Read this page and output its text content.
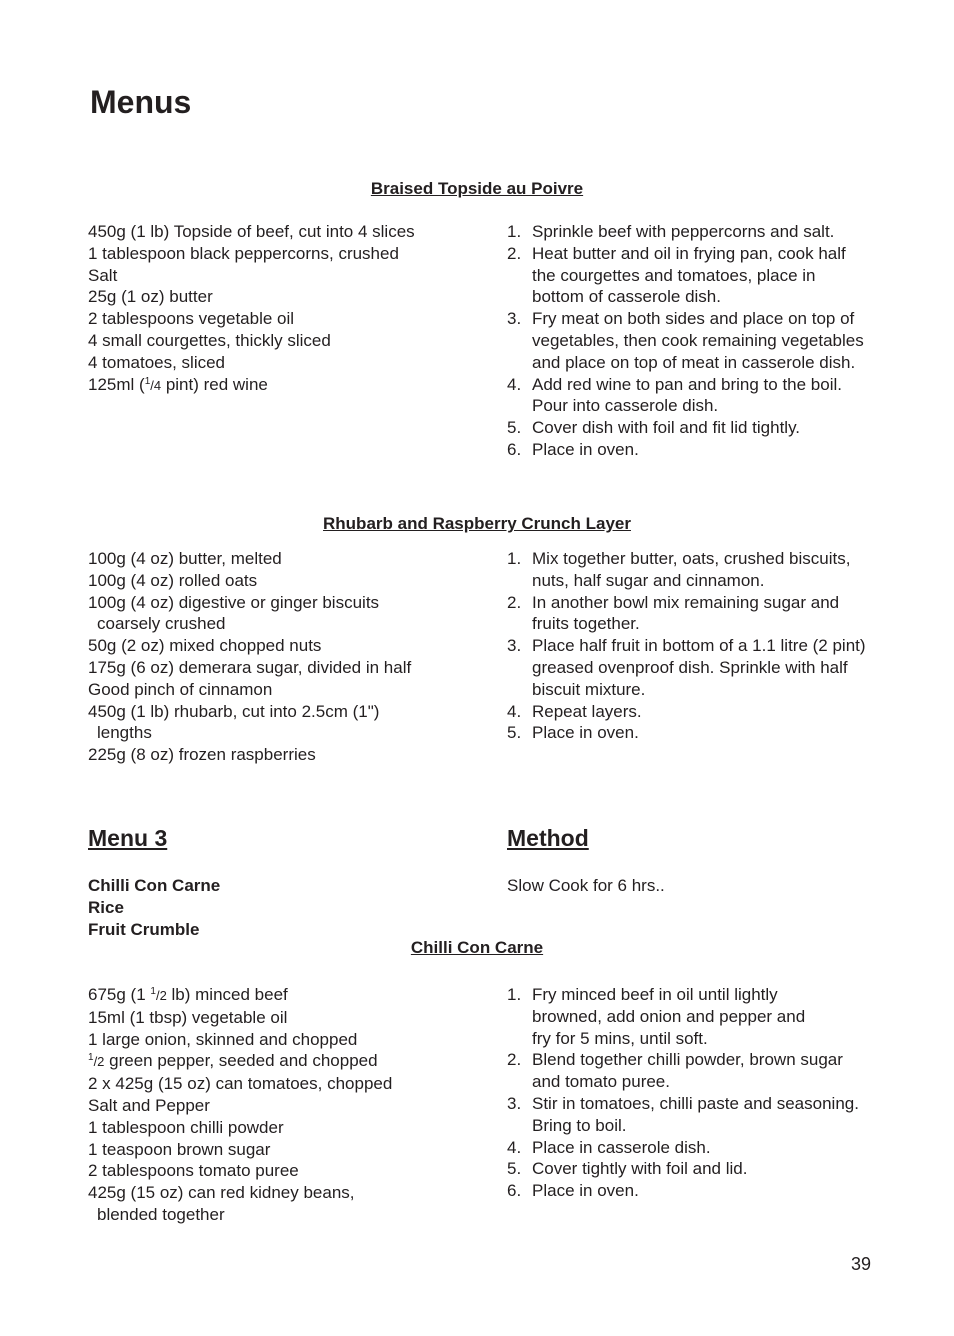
Menus
Braised Topside au Poivre
450g (1 lb) Topside of beef, cut into 4 slices
1 tablespoon black peppercorns, crushed
Salt
25g (1 oz) butter
2 tablespoons vegetable oil
4 small courgettes, thickly sliced
4 tomatoes, sliced
125ml ($^1$/4 pint) red wine
1. Sprinkle beef with peppercorns and salt.
2. Heat butter and oil in frying pan, cook half the courgettes and tomatoes, place in bottom of casserole dish.
3. Fry meat on both sides and place on top of vegetables, then cook remaining vegetables and place on top of meat in casserole dish.
4. Add red wine to pan and bring to the boil. Pour into casserole dish.
5. Cover dish with foil and fit lid tightly.
6. Place in oven.
Rhubarb and Raspberry Crunch Layer
100g (4 oz) butter, melted
100g (4 oz) rolled oats
100g (4 oz) digestive or ginger biscuits coarsely crushed
50g (2 oz) mixed chopped nuts
175g (6 oz) demerara sugar, divided in half
Good pinch of cinnamon
450g (1 lb) rhubarb, cut into 2.5cm (1") lengths
225g (8 oz) frozen raspberries
1. Mix together butter, oats, crushed biscuits, nuts, half sugar and cinnamon.
2. In another bowl mix remaining sugar and fruits together.
3. Place half fruit in bottom of a 1.1 litre (2 pint) greased ovenproof dish. Sprinkle with half biscuit mixture.
4. Repeat layers.
5. Place in oven.
Menu 3	Method
Chilli Con Carne
Rice
Fruit Crumble
Slow Cook for 6 hrs..
Chilli Con Carne
675g (1 $^1$/2 lb) minced beef
15ml (1 tbsp) vegetable oil
1 large onion, skinned and chopped
$^1$/2 green pepper, seeded and chopped
2 x 425g (15 oz) can tomatoes, chopped
Salt and Pepper
1 tablespoon chilli powder
1 teaspoon brown sugar
2 tablespoons tomato puree
425g (15 oz) can red kidney beans, blended together
1. Fry minced beef in oil until lightly browned, add onion and pepper and fry for 5 mins, until soft.
2. Blend together chilli powder, brown sugar and tomato puree.
3. Stir in tomatoes, chilli paste and seasoning. Bring to boil.
4. Place in casserole dish.
5. Cover tightly with foil and lid.
6. Place in oven.
39
